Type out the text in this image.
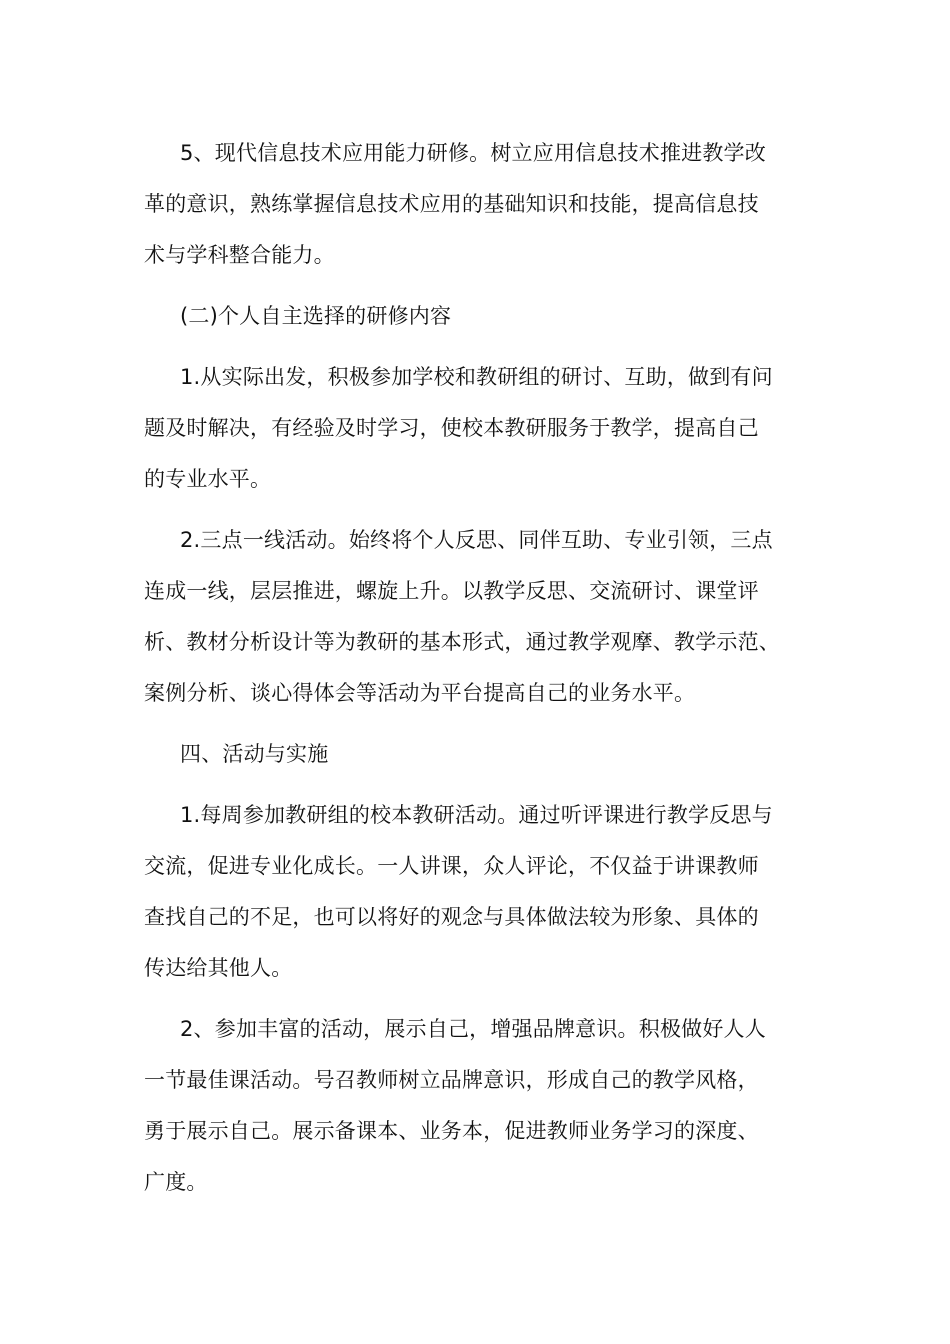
5、现代信息技术应用能力研修。树立应用信息技术推进教学改
革的意识，熟练掌握信息技术应用的基础知识和技能，提高信息技
术与学科整合能力。

(二)个人自主选择的研修内容

1.从实际出发，积极参加学校和教研组的研讨、互助，做到有问
题及时解决，有经验及时学习，使校本教研服务于教学，提高自己
的专业水平。

2.三点一线活动。始终将个人反思、同伴互助、专业引领，三点
连成一线，层层推进，螺旋上升。以教学反思、交流研讨、课堂评
析、教材分析设计等为教研的基本形式，通过教学观摩、教学示范、
案例分析、谈心得体会等活动为平台提高自己的业务水平。

四、活动与实施

1.每周参加教研组的校本教研活动。通过听评课进行教学反思与
交流，促进专业化成长。一人讲课，众人评论，不仅益于讲课教师
查找自己的不足，也可以将好的观念与具体做法较为形象、具体的
传达给其他人。

2、参加丰富的活动，展示自己，增强品牌意识。积极做好人人
一节最佳课活动。号召教师树立品牌意识，形成自己的教学风格，
勇于展示自己。展示备课本、业务本，促进教师业务学习的深度、
广度。
